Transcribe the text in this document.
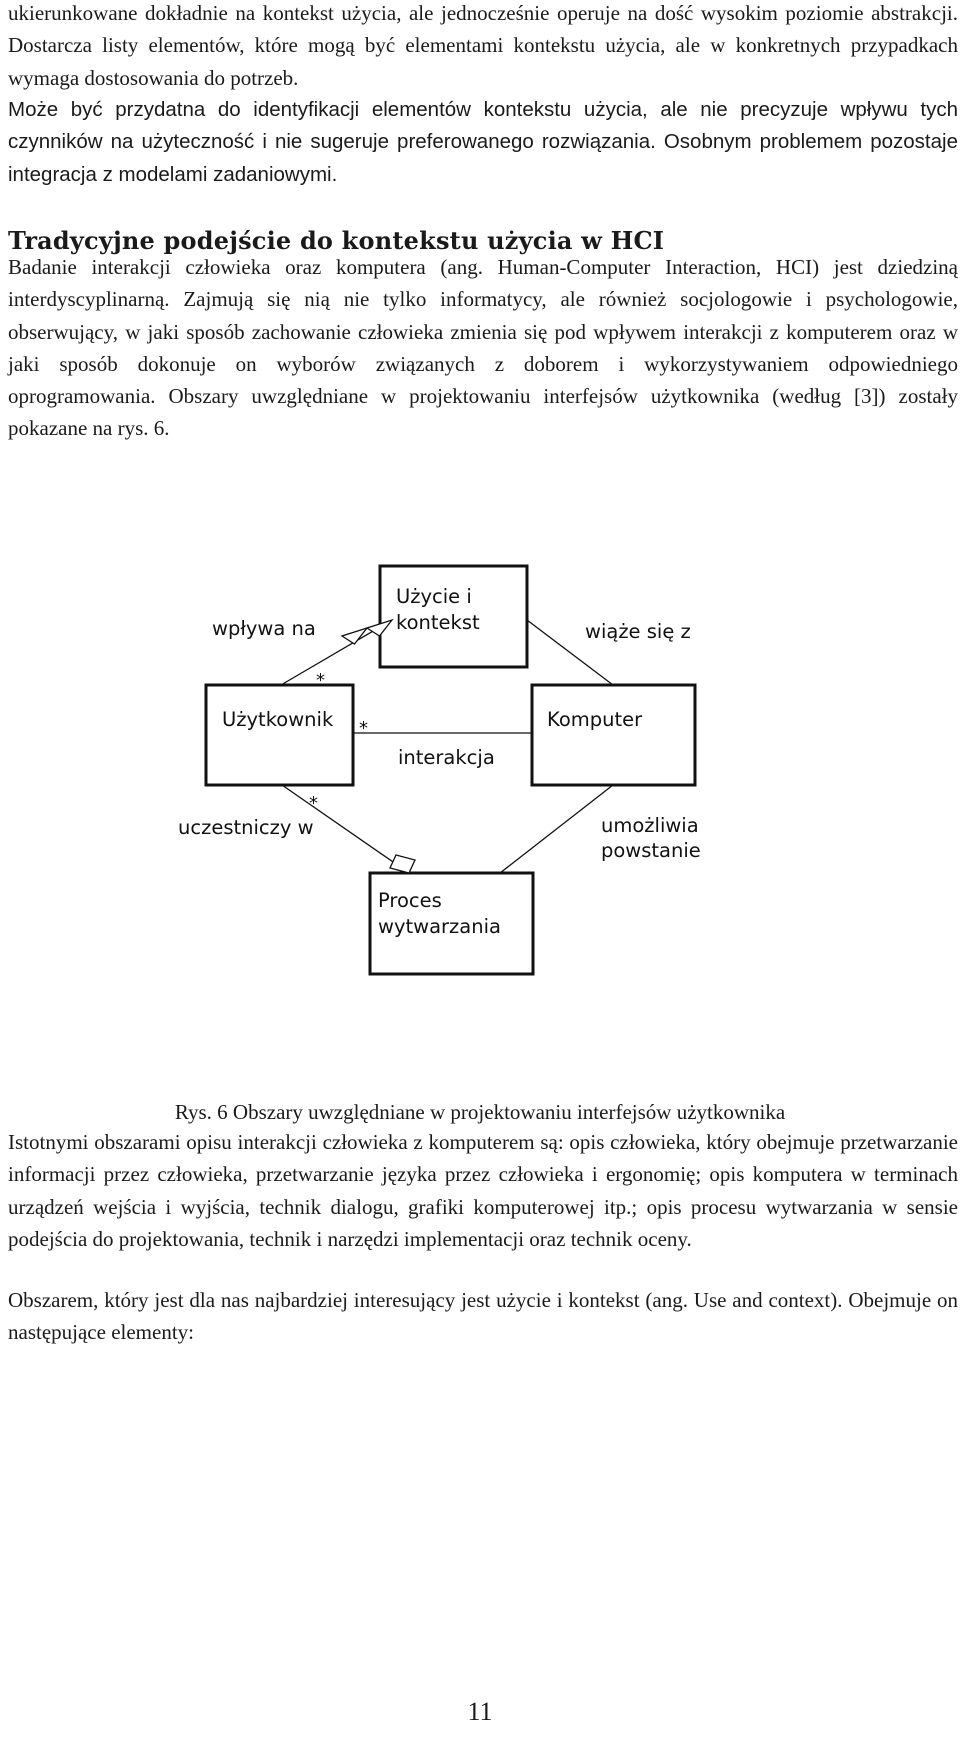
ukierunkowane dokładnie na kontekst użycia, ale jednocześnie operuje na dość wysokim poziomie abstrakcji. Dostarcza listy elementów, które mogą być elementami kontekstu użycia, ale w konkretnych przypadkach wymaga dostosowania do potrzeb.

Może być przydatna do identyfikacji elementów kontekstu użycia, ale nie precyzuje wpływu tych czynników na użyteczność i nie sugeruje preferowanego rozwiązania. Osobnym problemem pozostaje integracja z modelami zadaniowymi.

Tradycyjne podejście do kontekstu użycia w HCI

Badanie interakcji człowieka oraz komputera (ang. Human-Computer Interaction, HCI) jest dziedziną interdyscyplinarną. Zajmują się nią nie tylko informatycy, ale również socjologowie i psychologowie, obserwujący, w jaki sposób zachowanie człowieka zmienia się pod wpływem interakcji z komputerem oraz w jaki sposób dokonuje on wyborów związanych z doborem i wykorzystywaniem odpowiedniego oprogramowania. Obszary uwzględniane w projektowaniu interfejsów użytkownika (według [3]) zostały pokazane na rys. 6.

Użycie i
kontekst
Użytkownik	Komputer
Proces
wytwarzania
wpływa na	wiąże się z
interakcja
uczestniczy w	umożliwia
powstanie
*
*
*

Rys. 6 Obszary uwzględniane w projektowaniu interfejsów użytkownika

Istotnymi obszarami opisu interakcji człowieka z komputerem są: opis człowieka, który obejmuje przetwarzanie informacji przez człowieka, przetwarzanie języka przez człowieka i ergonomię; opis komputera w terminach urządzeń wejścia i wyjścia, technik dialogu, grafiki komputerowej itp.; opis procesu wytwarzania w sensie podejścia do projektowania, technik i narzędzi implementacji oraz technik oceny.

Obszarem, który jest dla nas najbardziej interesujący jest użycie i kontekst (ang. Use and context). Obejmuje on następujące elementy:

11
